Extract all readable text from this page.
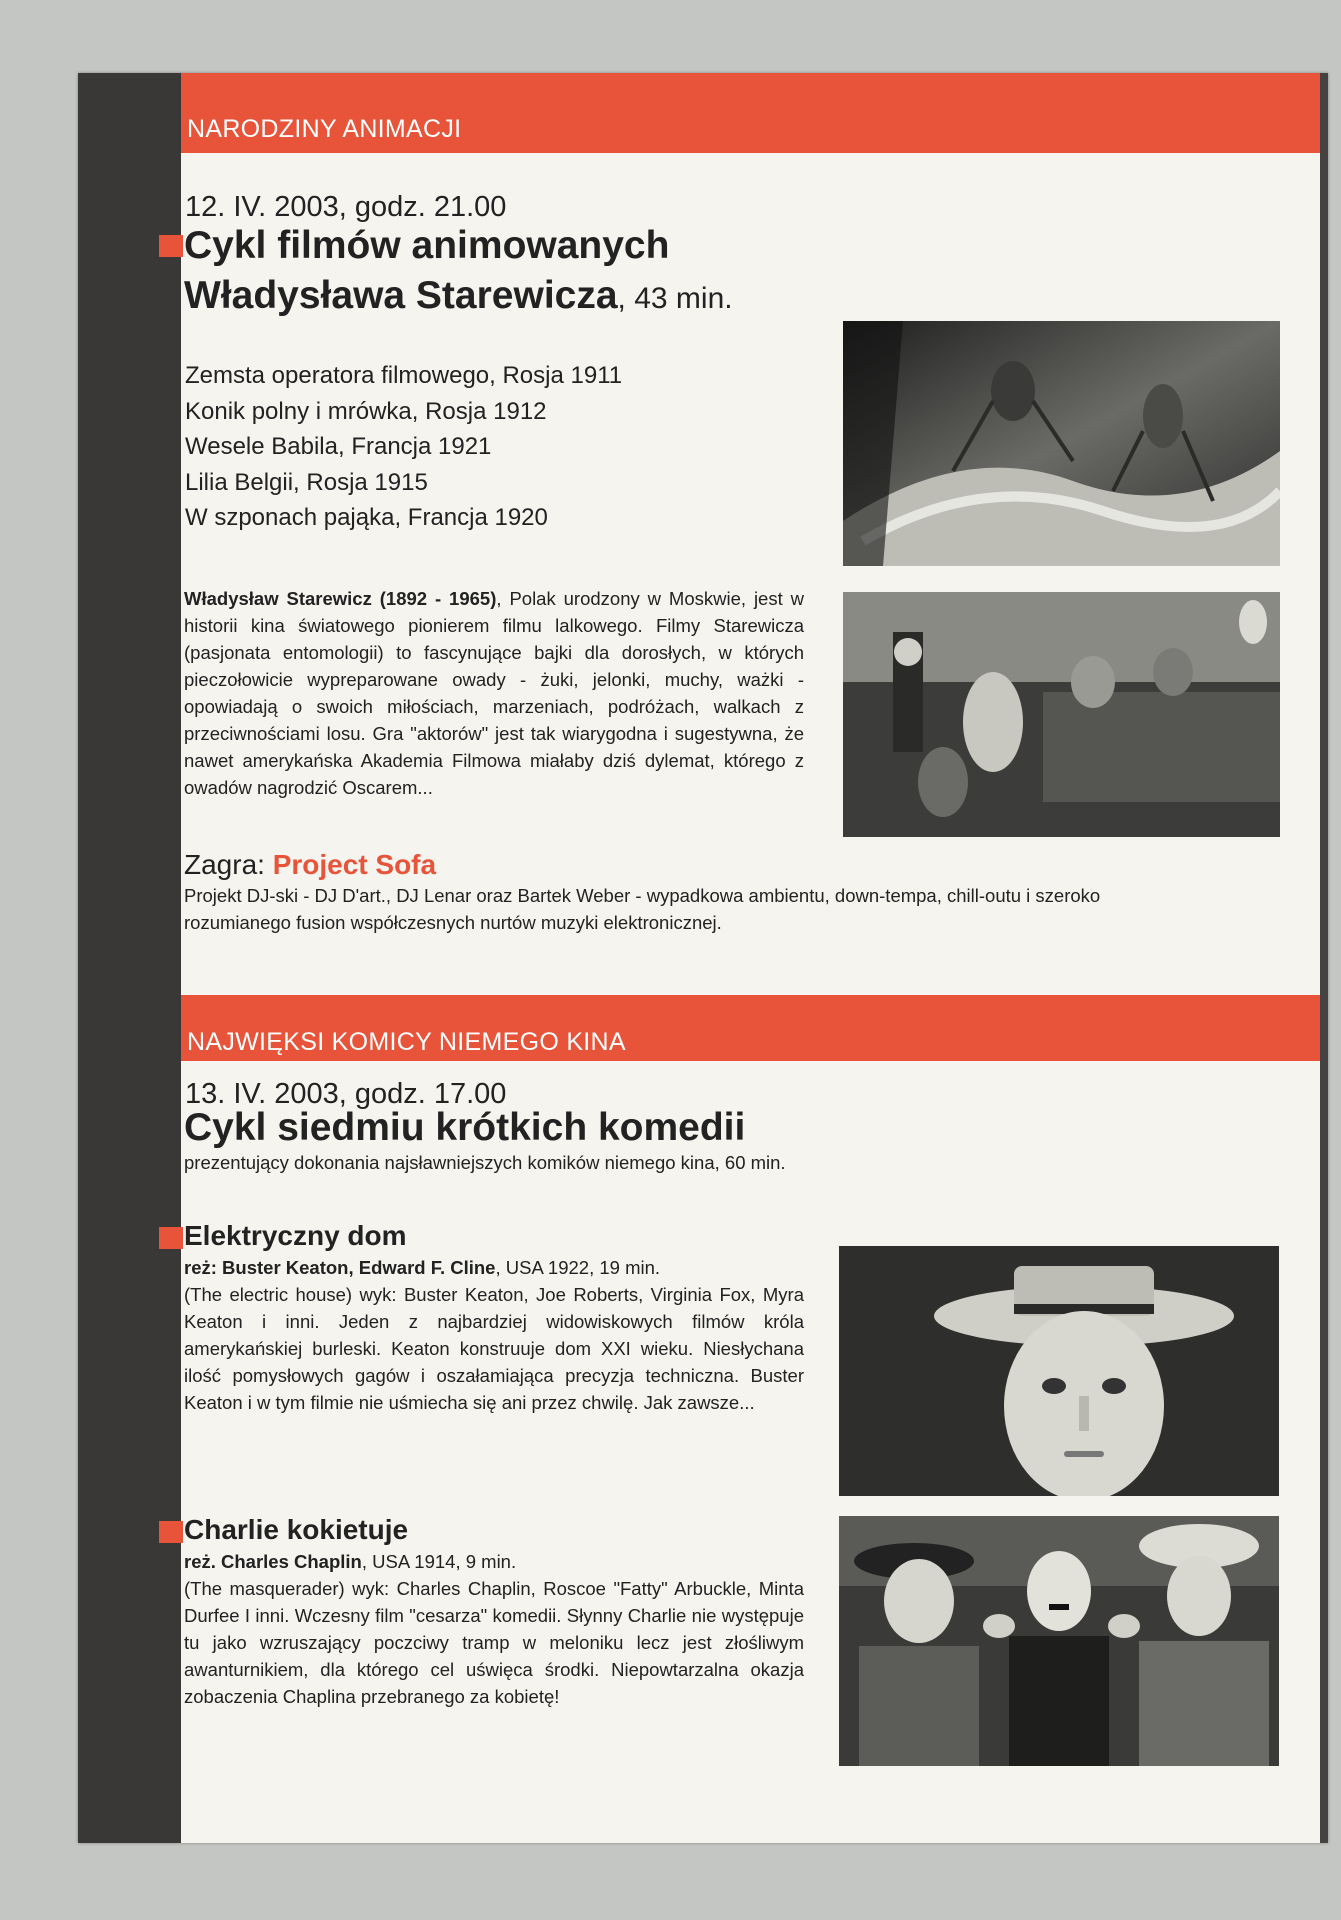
NARODZINY ANIMACJI
12. IV. 2003, godz. 21.00
Cykl filmów animowanych
Władysława Starewicza, 43 min.
Zemsta operatora filmowego, Rosja 1911
Konik polny i mrówka, Rosja 1912
Wesele Babila, Francja 1921
Lilia Belgii, Rosja 1915
W szponach pająka, Francja 1920
Władysław Starewicz (1892 - 1965), Polak urodzony w Moskwie, jest w historii kina światowego pionierem filmu lalkowego. Filmy Starewicza (pasjonata entomologii) to fascynujące bajki dla dorosłych, w których pieczołowicie wypreparowane owady - żuki, jelonki, muchy, ważki - opowiadają o swoich miłościach, marzeniach, podróżach, walkach z przeciwnościami losu. Gra "aktorów" jest tak wiarygodna i sugestywna, że nawet amerykańska Akademia Filmowa miałaby dziś dylemat, którego z owadów nagrodzić Oscarem...
Zagra: Project Sofa
Projekt DJ-ski - DJ D'art., DJ Lenar oraz Bartek Weber - wypadkowa ambientu, down-tempa, chill-outu i szeroko rozumianego fusion współczesnych nurtów muzyki elektronicznej.
NAJWIĘKSI KOMICY NIEMEGO KINA
13. IV. 2003, godz. 17.00
Cykl siedmiu krótkich komedii
prezentujący dokonania najsławniejszych komików niemego kina, 60 min.
Elektryczny dom
reż: Buster Keaton, Edward F. Cline, USA 1922, 19 min.
(The electric house) wyk: Buster Keaton, Joe Roberts, Virginia Fox, Myra Keaton i inni. Jeden z najbardziej widowiskowych filmów króla amerykańskiej burleski. Keaton konstruuje dom XXI wieku. Niesłychana ilość pomysłowych gagów i oszałamiająca precyzja techniczna. Buster Keaton i w tym filmie nie uśmiecha się ani przez chwilę. Jak zawsze...
Charlie kokietuje
reż. Charles Chaplin, USA 1914, 9 min.
(The masquerader) wyk: Charles Chaplin, Roscoe "Fatty" Arbuckle, Minta Durfee I inni. Wczesny film "cesarza" komedii. Słynny Charlie nie występuje tu jako wzruszający poczciwy tramp w meloniku lecz jest złośliwym awanturnikiem, dla którego cel uświęca środki. Niepowtarzalna okazja zobaczenia Chaplina przebranego za kobietę!
